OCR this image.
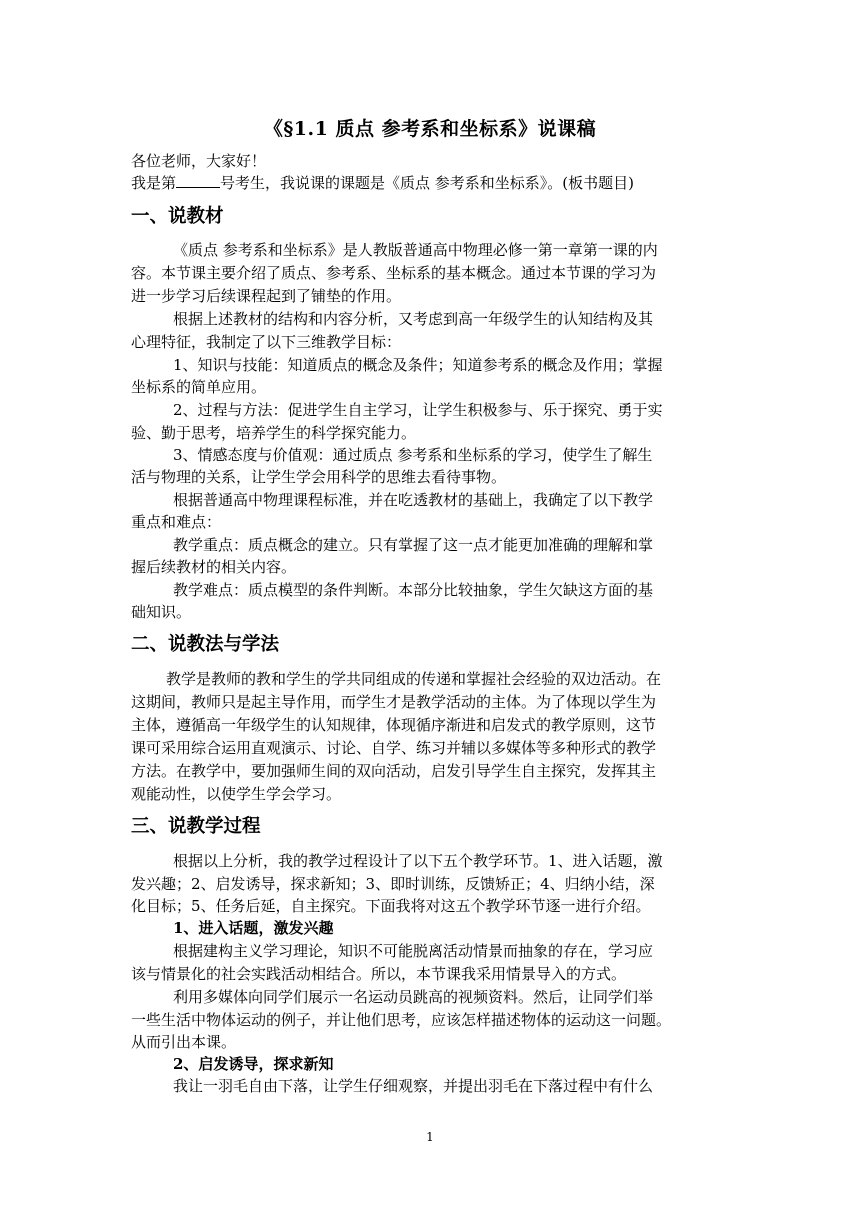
《§1.1 质点 参考系和坐标系》说课稿
各位老师，大家好！
我是第	号考生，我说课的课题是《质点 参考系和坐标系》。(板书题目)
一、说教材
《质点 参考系和坐标系》是人教版普通高中物理必修一第一章第一课的内
容。本节课主要介绍了质点、参考系、坐标系的基本概念。通过本节课的学习为
进一步学习后续课程起到了铺垫的作用。
根据上述教材的结构和内容分析，又考虑到高一年级学生的认知结构及其
心理特征，我制定了以下三维教学目标：
1、知识与技能：知道质点的概念及条件；知道参考系的概念及作用；掌握
坐标系的简单应用。
2、过程与方法：促进学生自主学习，让学生积极参与、乐于探究、勇于实
验、勤于思考，培养学生的科学探究能力。
3、情感态度与价值观：通过质点 参考系和坐标系的学习，使学生了解生
活与物理的关系，让学生学会用科学的思维去看待事物。
根据普通高中物理课程标准，并在吃透教材的基础上，我确定了以下教学
重点和难点：
教学重点：质点概念的建立。只有掌握了这一点才能更加准确的理解和掌
握后续教材的相关内容。
教学难点：质点模型的条件判断。本部分比较抽象，学生欠缺这方面的基
础知识。
二、说教法与学法
教学是教师的教和学生的学共同组成的传递和掌握社会经验的双边活动。在
这期间，教师只是起主导作用，而学生才是教学活动的主体。为了体现以学生为
主体，遵循高一年级学生的认知规律，体现循序渐进和启发式的教学原则，这节
课可采用综合运用直观演示、讨论、自学、练习并辅以多媒体等多种形式的教学
方法。在教学中，要加强师生间的双向活动，启发引导学生自主探究，发挥其主
观能动性，以使学生学会学习。
三、说教学过程
根据以上分析，我的教学过程设计了以下五个教学环节。1、进入话题，激
发兴趣；2、启发诱导，探求新知；3、即时训练，反馈矫正；4、归纳小结，深
化目标；5、任务后延，自主探究。下面我将对这五个教学环节逐一进行介绍。
1、进入话题，激发兴趣
根据建构主义学习理论，知识不可能脱离活动情景而抽象的存在，学习应
该与情景化的社会实践活动相结合。所以，本节课我采用情景导入的方式。
利用多媒体向同学们展示一名运动员跳高的视频资料。然后，让同学们举
一些生活中物体运动的例子，并让他们思考，应该怎样描述物体的运动这一问题。
从而引出本课。
2、启发诱导，探求新知
我让一羽毛自由下落，让学生仔细观察，并提出羽毛在下落过程中有什么
1
